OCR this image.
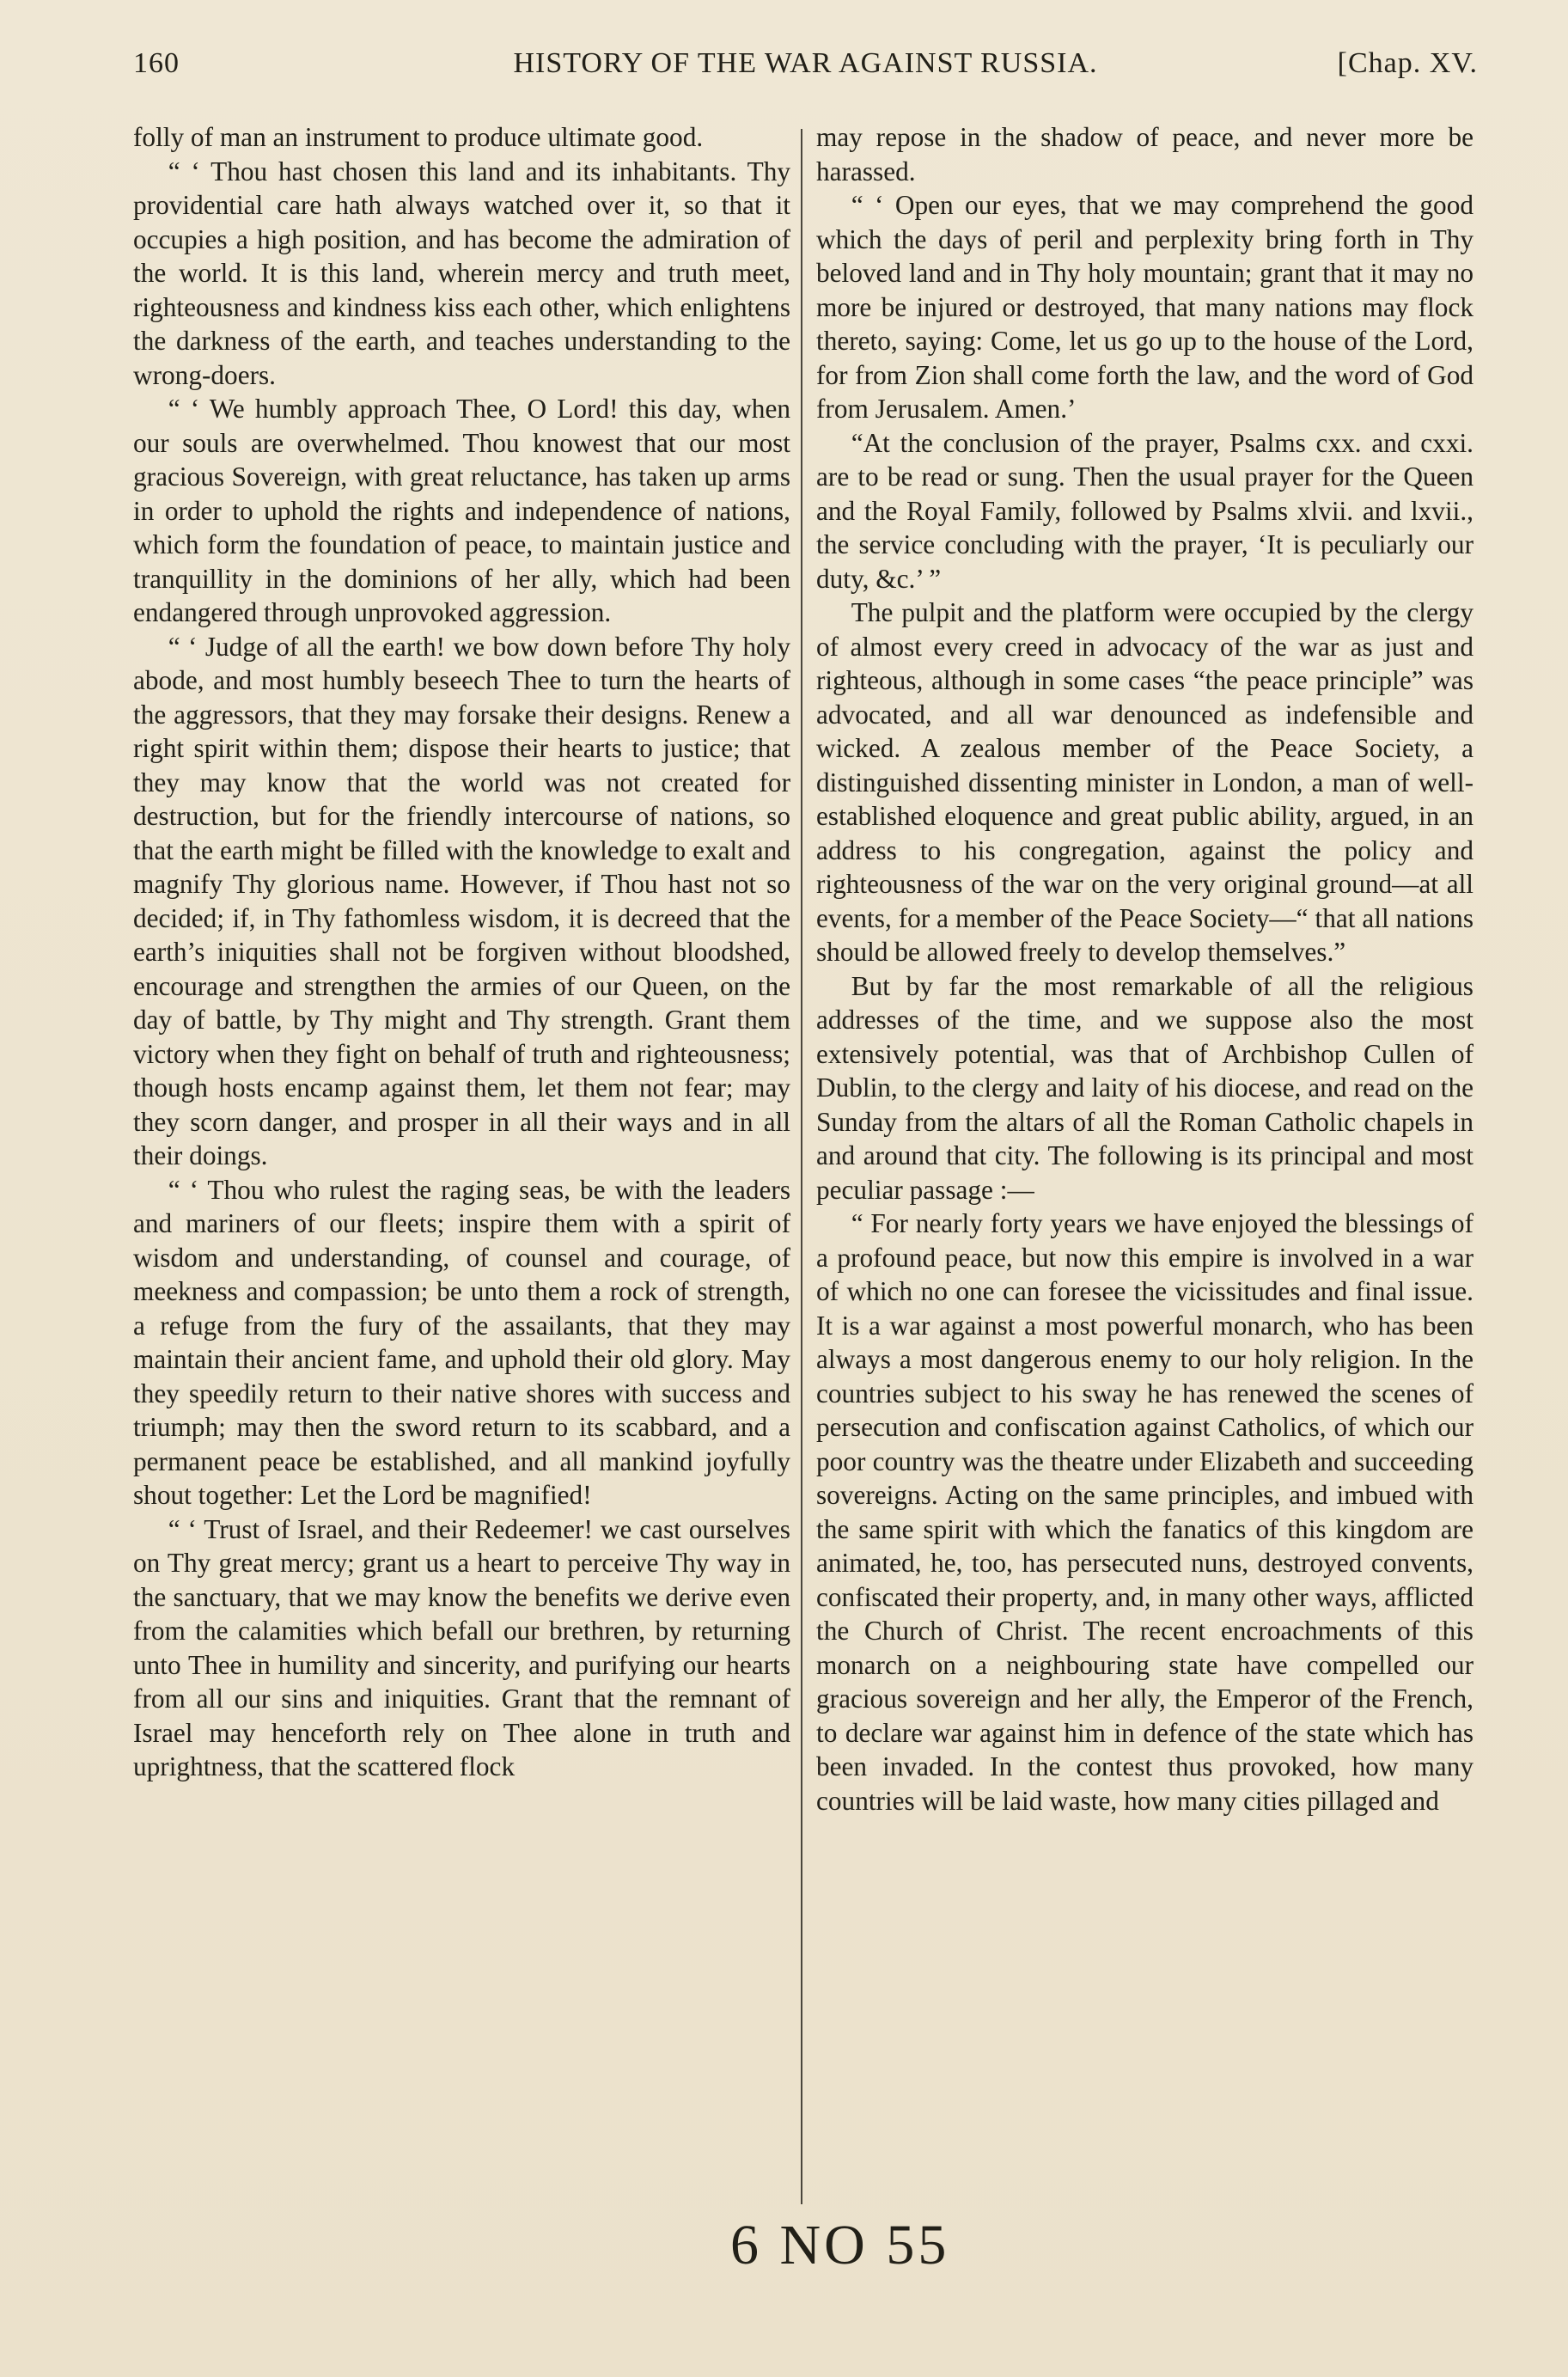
160	HISTORY OF THE WAR AGAINST RUSSIA.	[Chap. XV.

folly of man an instrument to produce ultimate good.

“ ‘ Thou hast chosen this land and its inhabitants. Thy providential care hath always watched over it, so that it occupies a high position, and has become the admiration of the world. It is this land, wherein mercy and truth meet, righteousness and kindness kiss each other, which enlightens the darkness of the earth, and teaches understanding to the wrong-doers.

“ ‘ We humbly approach Thee, O Lord! this day, when our souls are overwhelmed. Thou knowest that our most gracious Sovereign, with great reluctance, has taken up arms in order to uphold the rights and independence of nations, which form the foundation of peace, to maintain justice and tranquillity in the dominions of her ally, which had been endangered through unprovoked aggression.

“ ‘ Judge of all the earth! we bow down before Thy holy abode, and most humbly beseech Thee to turn the hearts of the aggressors, that they may forsake their designs. Renew a right spirit within them; dispose their hearts to justice; that they may know that the world was not created for destruction, but for the friendly intercourse of nations, so that the earth might be filled with the knowledge to exalt and magnify Thy glorious name. However, if Thou hast not so decided; if, in Thy fathomless wisdom, it is decreed that the earth’s iniquities shall not be forgiven without bloodshed, encourage and strengthen the armies of our Queen, on the day of battle, by Thy might and Thy strength. Grant them victory when they fight on behalf of truth and righteousness; though hosts encamp against them, let them not fear; may they scorn danger, and prosper in all their ways and in all their doings.

“ ‘ Thou who rulest the raging seas, be with the leaders and mariners of our fleets; inspire them with a spirit of wisdom and understanding, of counsel and courage, of meekness and compassion; be unto them a rock of strength, a refuge from the fury of the assailants, that they may maintain their ancient fame, and uphold their old glory. May they speedily return to their native shores with success and triumph; may then the sword return to its scabbard, and a permanent peace be established, and all mankind joyfully shout together: Let the Lord be magnified!

“ ‘ Trust of Israel, and their Redeemer! we cast ourselves on Thy great mercy; grant us a heart to perceive Thy way in the sanctuary, that we may know the benefits we derive even from the calamities which befall our brethren, by returning unto Thee in humility and sincerity, and purifying our hearts from all our sins and iniquities. Grant that the remnant of Israel may henceforth rely on Thee alone in truth and uprightness, that the scattered flock

may repose in the shadow of peace, and never more be harassed.

“ ‘ Open our eyes, that we may comprehend the good which the days of peril and perplexity bring forth in Thy beloved land and in Thy holy mountain; grant that it may no more be injured or destroyed, that many nations may flock thereto, saying: Come, let us go up to the house of the Lord, for from Zion shall come forth the law, and the word of God from Jerusalem. Amen.’

“At the conclusion of the prayer, Psalms cxx. and cxxi. are to be read or sung. Then the usual prayer for the Queen and the Royal Family, followed by Psalms xlvii. and lxvii., the service concluding with the prayer, ‘It is peculiarly our duty, &c.’ ”

The pulpit and the platform were occupied by the clergy of almost every creed in advocacy of the war as just and righteous, although in some cases “the peace principle” was advocated, and all war denounced as indefensible and wicked. A zealous member of the Peace Society, a distinguished dissenting minister in London, a man of well-established eloquence and great public ability, argued, in an address to his congregation, against the policy and righteousness of the war on the very original ground—at all events, for a member of the Peace Society—“ that all nations should be allowed freely to develop themselves.”

But by far the most remarkable of all the religious addresses of the time, and we suppose also the most extensively potential, was that of Archbishop Cullen of Dublin, to the clergy and laity of his diocese, and read on the Sunday from the altars of all the Roman Catholic chapels in and around that city. The following is its principal and most peculiar passage :—

“ For nearly forty years we have enjoyed the blessings of a profound peace, but now this empire is involved in a war of which no one can foresee the vicissitudes and final issue. It is a war against a most powerful monarch, who has been always a most dangerous enemy to our holy religion. In the countries subject to his sway he has renewed the scenes of persecution and confiscation against Catholics, of which our poor country was the theatre under Elizabeth and succeeding sovereigns. Acting on the same principles, and imbued with the same spirit with which the fanatics of this kingdom are animated, he, too, has persecuted nuns, destroyed convents, confiscated their property, and, in many other ways, afflicted the Church of Christ. The recent encroachments of this monarch on a neighbouring state have compelled our gracious sovereign and her ally, the Emperor of the French, to declare war against him in defence of the state which has been invaded. In the contest thus provoked, how many countries will be laid waste, how many cities pillaged and

6 NO 55
